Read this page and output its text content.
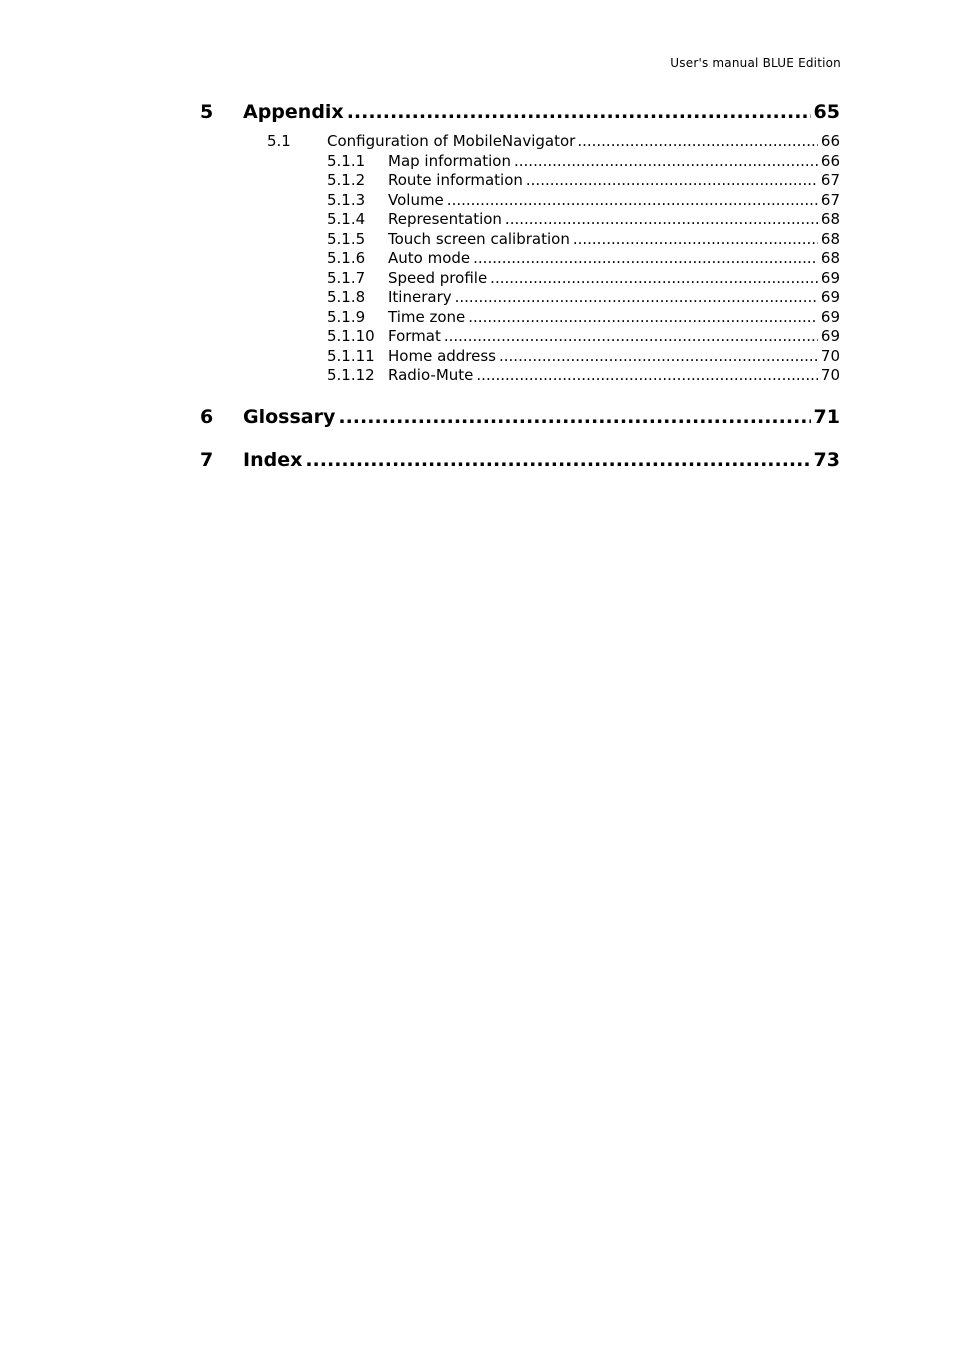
User's manual BLUE Edition
5	Appendix .....	65
5.1	Configuration of MobileNavigator .....	66
5.1.1	Map information .....	66
5.1.2	Route information .....	67
5.1.3	Volume .....	67
5.1.4	Representation .....	68
5.1.5	Touch screen calibration .....	68
5.1.6	Auto mode .....	68
5.1.7	Speed profile .....	69
5.1.8	Itinerary .....	69
5.1.9	Time zone .....	69
5.1.10 Format .....	69
5.1.11 Home address .....	70
5.1.12 Radio-Mute .....	70
6	Glossary .....	71
7	Index .....	73
